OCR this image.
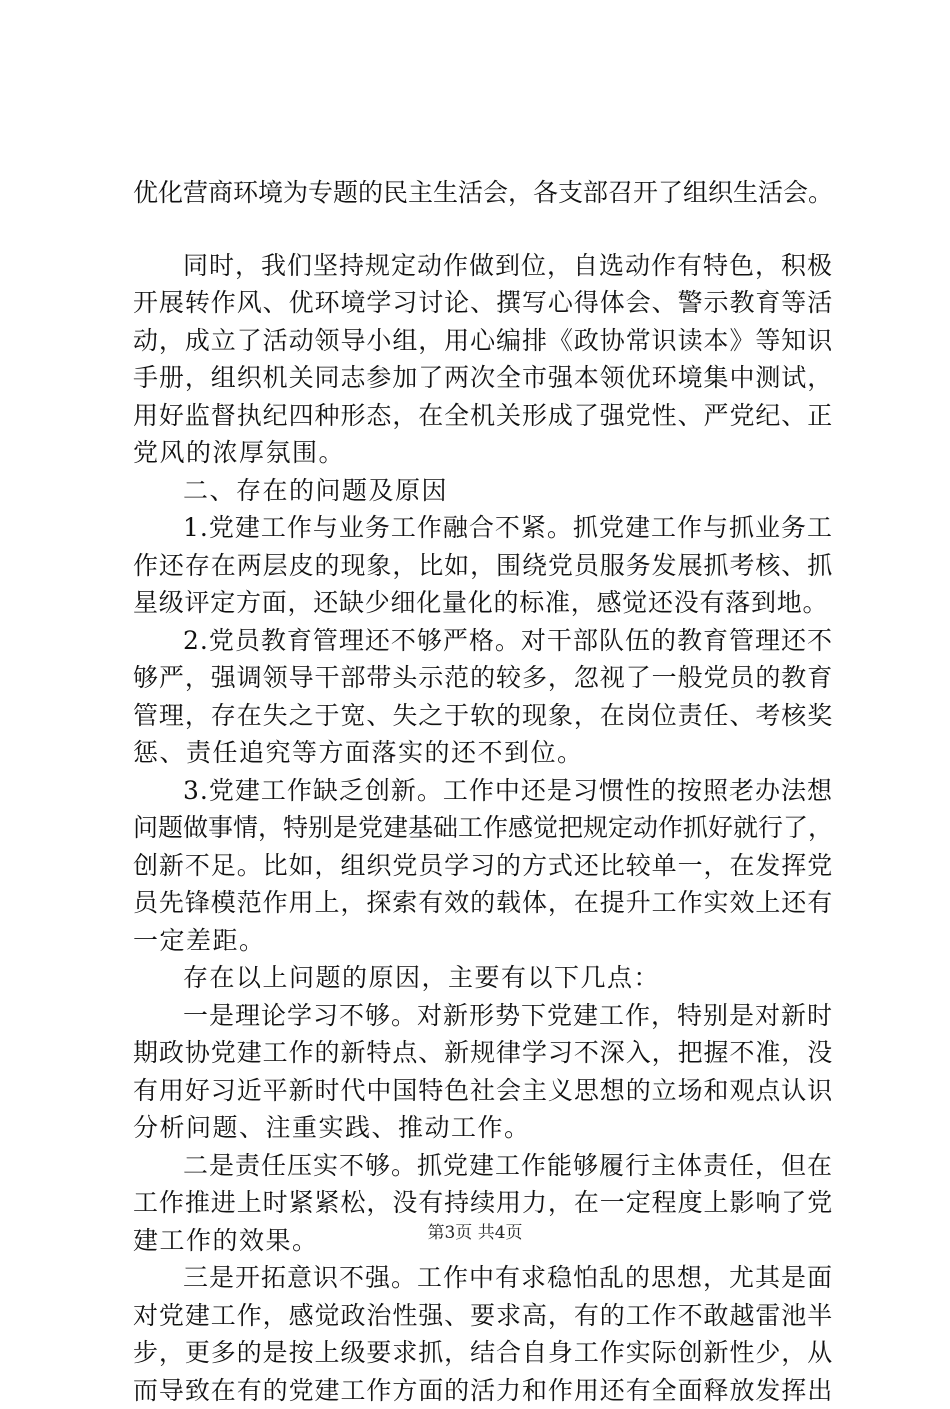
优化营商环境为专题的民主生活会，各支部召开了组织生活会。
同时，我们坚持规定动作做到位，自选动作有特色，积极
开展转作风、优环境学习讨论、撰写心得体会、警示教育等活
动，成立了活动领导小组，用心编排《政协常识读本》等知识
手册，组织机关同志参加了两次全市强本领优环境集中测试，
用好监督执纪四种形态，在全机关形成了强党性、严党纪、正
党风的浓厚氛围。
二、存在的问题及原因
1.党建工作与业务工作融合不紧。抓党建工作与抓业务工
作还存在两层皮的现象，比如，围绕党员服务发展抓考核、抓
星级评定方面，还缺少细化量化的标准，感觉还没有落到地。
2.党员教育管理还不够严格。对干部队伍的教育管理还不
够严，强调领导干部带头示范的较多，忽视了一般党员的教育
管理，存在失之于宽、失之于软的现象，在岗位责任、考核奖
惩、责任追究等方面落实的还不到位。
3.党建工作缺乏创新。工作中还是习惯性的按照老办法想
问题做事情，特别是党建基础工作感觉把规定动作抓好就行了，
创新不足。比如，组织党员学习的方式还比较单一，在发挥党
员先锋模范作用上，探索有效的载体，在提升工作实效上还有
一定差距。
存在以上问题的原因，主要有以下几点：
一是理论学习不够。对新形势下党建工作，特别是对新时
期政协党建工作的新特点、新规律学习不深入，把握不准，没
有用好习近平新时代中国特色社会主义思想的立场和观点认识
分析问题、注重实践、推动工作。
二是责任压实不够。抓党建工作能够履行主体责任，但在
工作推进上时紧紧松，没有持续用力，在一定程度上影响了党
建工作的效果。
三是开拓意识不强。工作中有求稳怕乱的思想，尤其是面
对党建工作，感觉政治性强、要求高，有的工作不敢越雷池半
步，更多的是按上级要求抓，结合自身工作实际创新性少，从
而导致在有的党建工作方面的活力和作用还有全面释放发挥出
第3页 共4页
